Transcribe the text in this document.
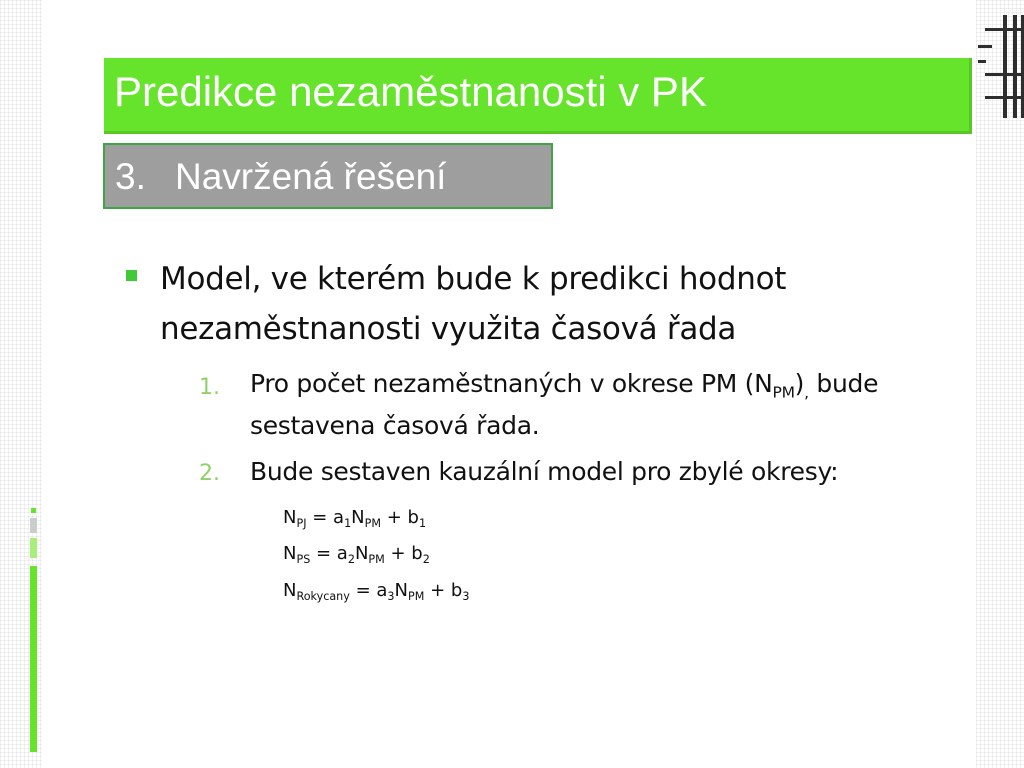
Predikce nezaměstnanosti v PK
3. Navržená řešení
Model, ve kterém bude k predikci hodnot
nezaměstnanosti využita časová řada
1. Pro počet nezaměstnaných v okrese PM $(N_{PM})_,$ bude
sestavena časová řada.
2. Bude sestaven kauzální model pro zbylé okresy:
$N_{PJ} = a_1N_{PM} + b_1$
$N_{PS} = a_2N_{PM} + b_2$
$N_{Rokycany} = a_3N_{PM} + b_3$
